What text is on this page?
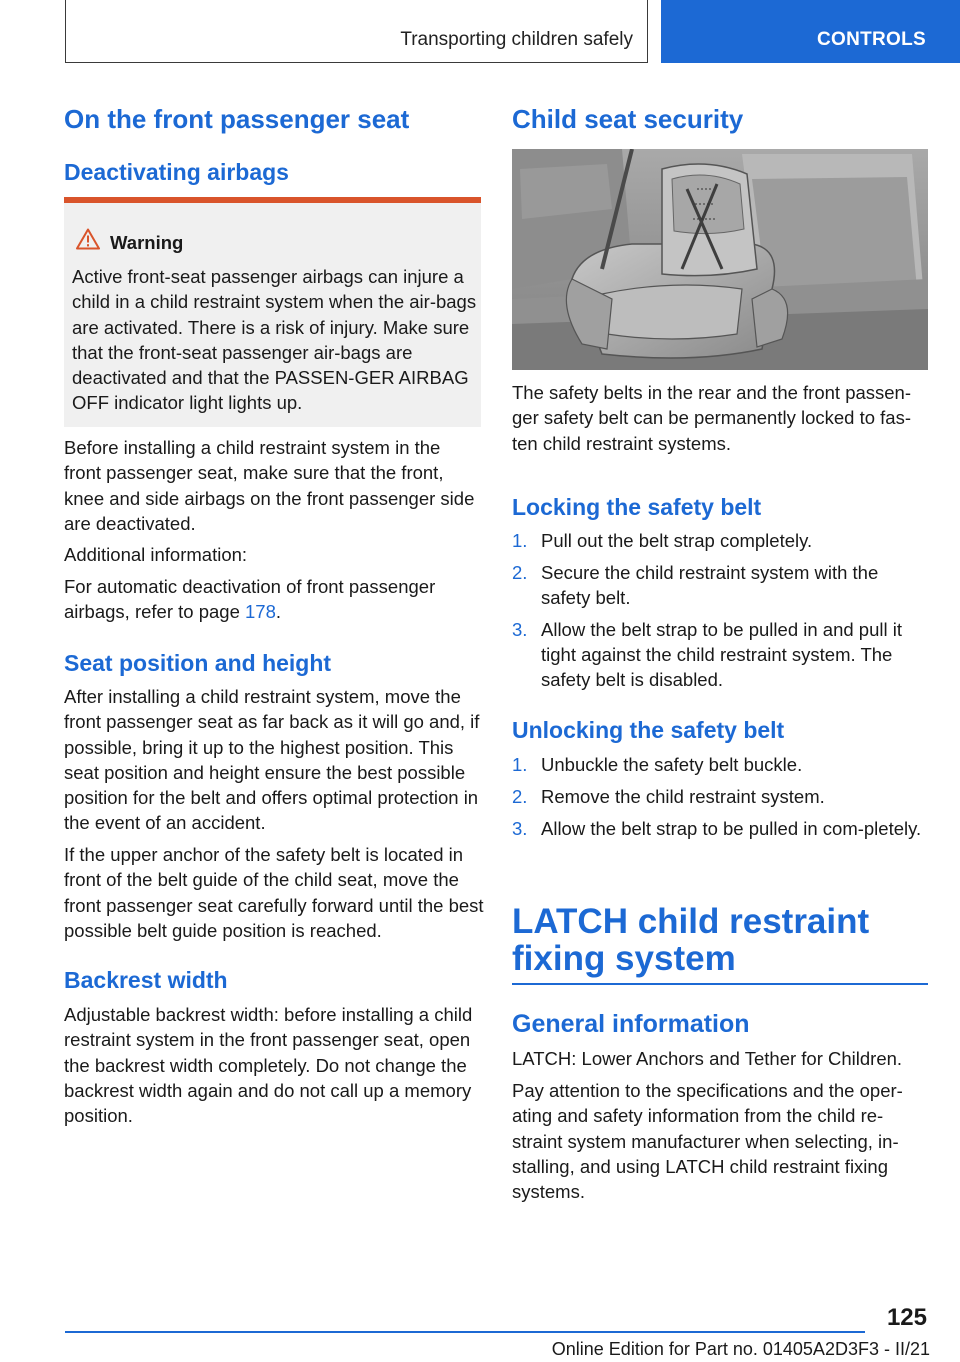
Transporting children safely	CONTROLS
On the front passenger seat
Deactivating airbags

Warning

Active front-seat passenger airbags can injure a child in a child restraint system when the air-bags are activated. There is a risk of injury. Make sure that the front-seat passenger air-bags are deactivated and that the PASSEN-GER AIRBAG OFF indicator light lights up.

Before installing a child restraint system in the front passenger seat, make sure that the front, knee and side airbags on the front passenger side are deactivated.

Additional information:

For automatic deactivation of front passenger airbags, refer to page 178.

Seat position and height

After installing a child restraint system, move the front passenger seat as far back as it will go and, if possible, bring it up to the highest position. This seat position and height ensure the best possible position for the belt and offers optimal protection in the event of an accident.

If the upper anchor of the safety belt is located in front of the belt guide of the child seat, move the front passenger seat carefully forward until the best possible belt guide position is reached.

Backrest width

Adjustable backrest width: before installing a child restraint system in the front passenger seat, open the backrest width completely. Do not change the backrest width again and do not call up a memory position.

Child seat security

The safety belts in the rear and the front passen-ger safety belt can be permanently locked to fas-ten child restraint systems.

Locking the safety belt
1. Pull out the belt strap completely.
2. Secure the child restraint system with the safety belt.
3. Allow the belt strap to be pulled in and pull it tight against the child restraint system. The safety belt is disabled.
Unlocking the safety belt
1. Unbuckle the safety belt buckle.
2. Remove the child restraint system.
3. Allow the belt strap to be pulled in com-pletely.
LATCH child restraint fixing system
General information

LATCH: Lower Anchors and Tether for Children.

Pay attention to the specifications and the oper-ating and safety information from the child re-straint system manufacturer when selecting, in-stalling, and using LATCH child restraint fixing systems.

125
Online Edition for Part no. 01405A2D3F3 - II/21
